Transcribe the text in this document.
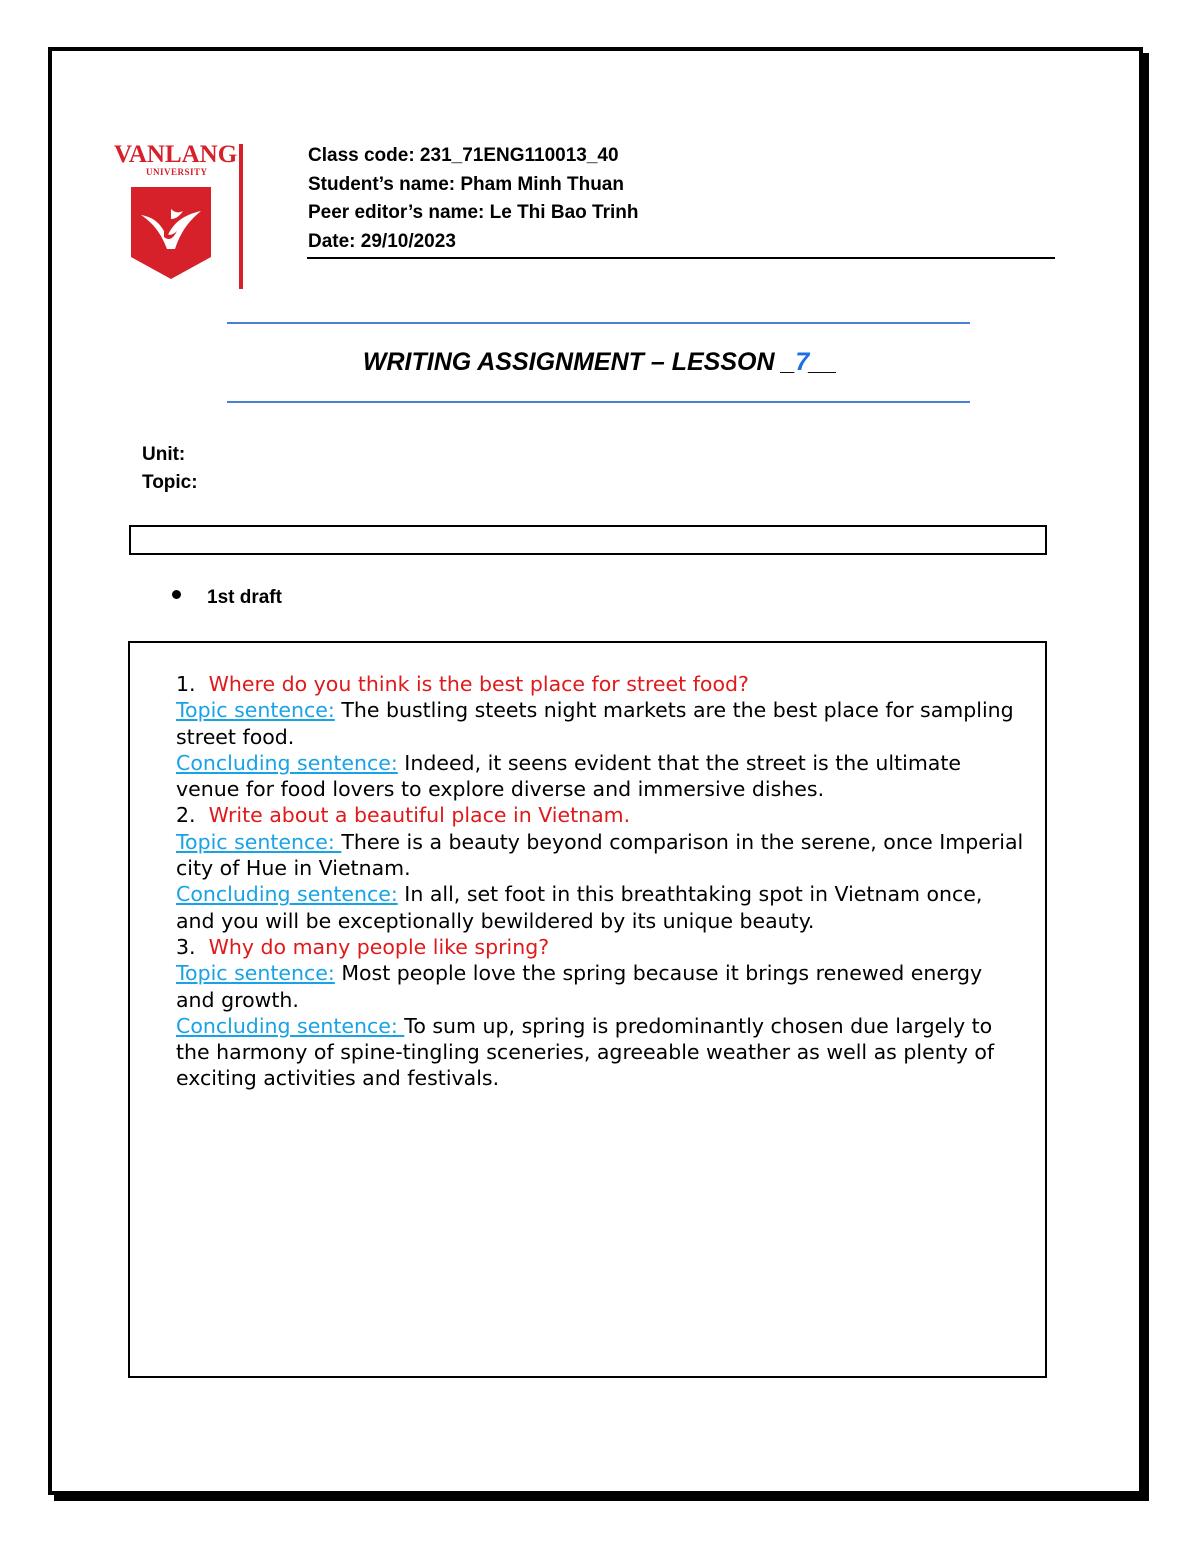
VANLANG
UNIVERSITY
Class code: 231_71ENG110013_40
Student’s name: Pham Minh Thuan
Peer editor’s name: Le Thi Bao Trinh
Date: 29/10/2023
WRITING ASSIGNMENT – LESSON _7__
Unit:
Topic:
1st draft
1. Where do you think is the best place for street food?
Topic sentence: The bustling steets night markets are the best place for sampling street food.
Concluding sentence: Indeed, it seens evident that the street is the ultimate venue for food lovers to explore diverse and immersive dishes.
2. Write about a beautiful place in Vietnam.
Topic sentence: There is a beauty beyond comparison in the serene, once Imperial city of Hue in Vietnam.
Concluding sentence: In all, set foot in this breathtaking spot in Vietnam once, and you will be exceptionally bewildered by its unique beauty.
3. Why do many people like spring?
Topic sentence: Most people love the spring because it brings renewed energy and growth.
Concluding sentence: To sum up, spring is predominantly chosen due largely to the harmony of spine-tingling sceneries, agreeable weather as well as plenty of exciting activities and festivals.
